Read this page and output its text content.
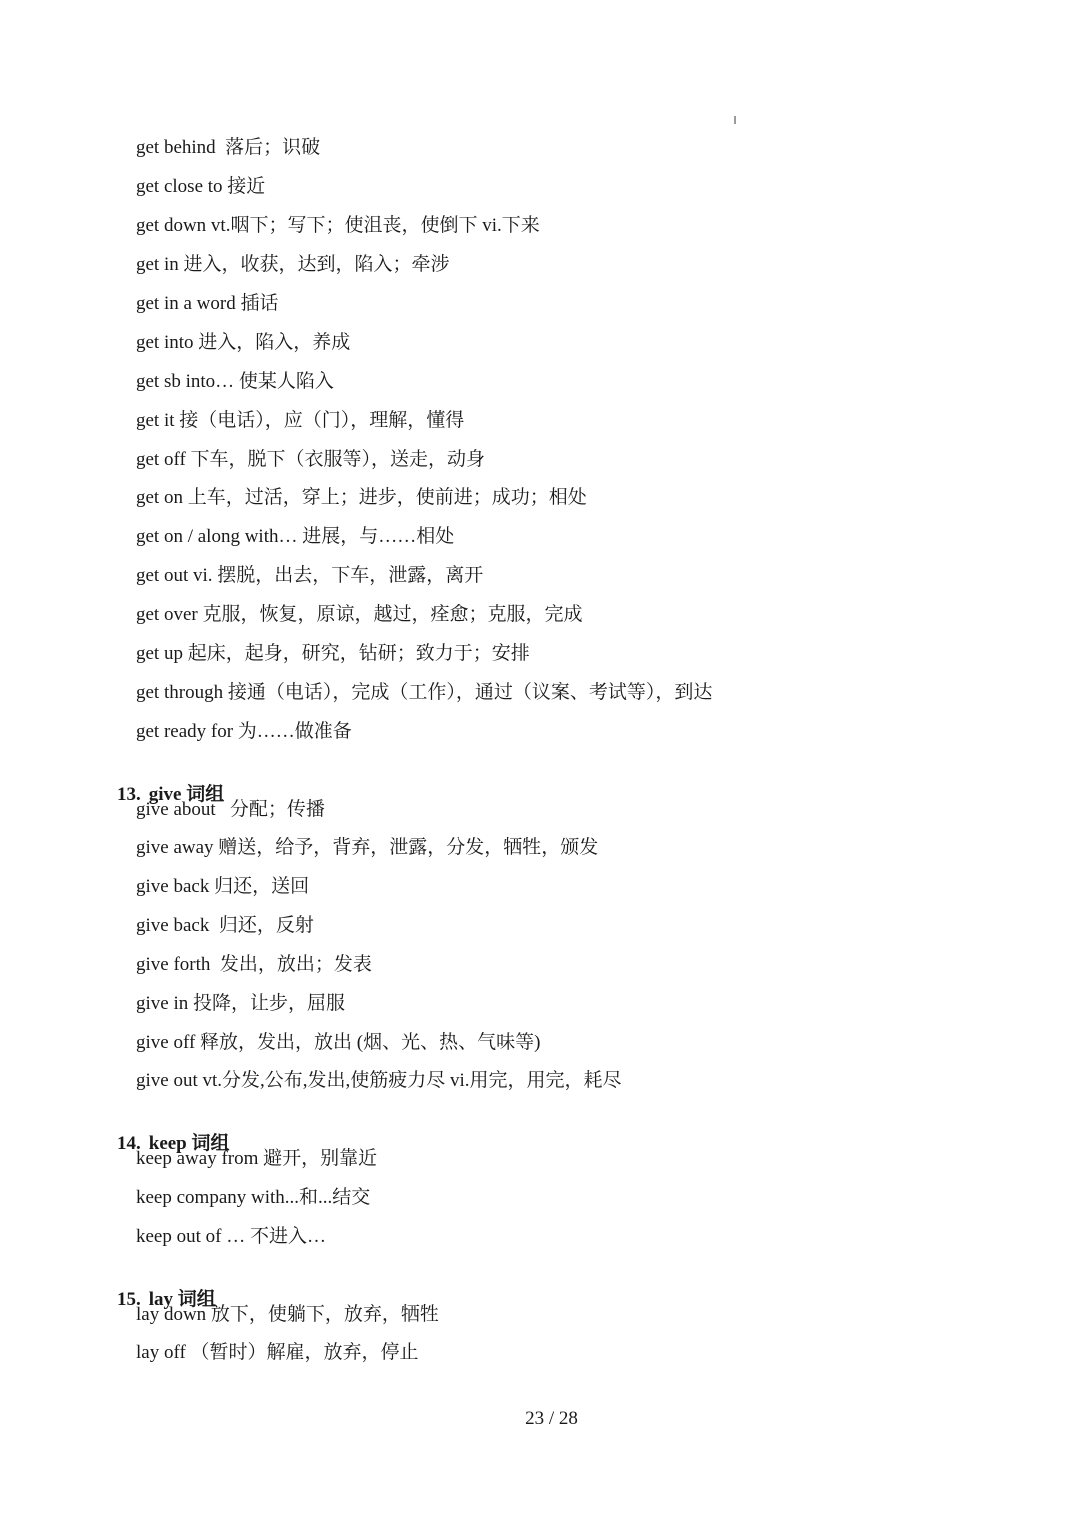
get behind  落后；识破
get close to 接近
get down vt.咽下；写下；使沮丧，使倒下 vi.下来
get in 进入，收获，达到，陷入；牵涉
get in a word 插话
get into 进入，陷入，养成
get sb into… 使某人陷入
get it 接（电话），应（门），理解，懂得
get off 下车，脱下（衣服等），送走，动身
get on 上车，过活，穿上；进步，使前进；成功；相处
get on / along with… 进展，与……相处
get out vi. 摆脱，出去，下车，泄露，离开
get over 克服，恢复，原谅，越过，痊愈；克服，完成
get up 起床，起身，研究，钻研；致力于；安排
get through 接通（电话），完成（工作），通过（议案、考试等），到达
get ready for 为……做准备

13. give 词组

give about   分配；传播
give away 赠送，给予，背弃，泄露，分发，牺牲，颁发
give back 归还，送回
give back  归还，反射
give forth  发出，放出；发表
give in 投降，让步，屈服
give off 释放，发出，放出 (烟、光、热、气味等)
give out vt.分发,公布,发出,使筋疲力尽 vi.用完，用完，耗尽

14. keep 词组

keep away from 避开，别靠近
keep company with...和...结交
keep out of … 不进入…

15. lay 词组

lay down 放下，使躺下，放弃，牺牲
lay off （暂时）解雇，放弃，停止
23 / 28
